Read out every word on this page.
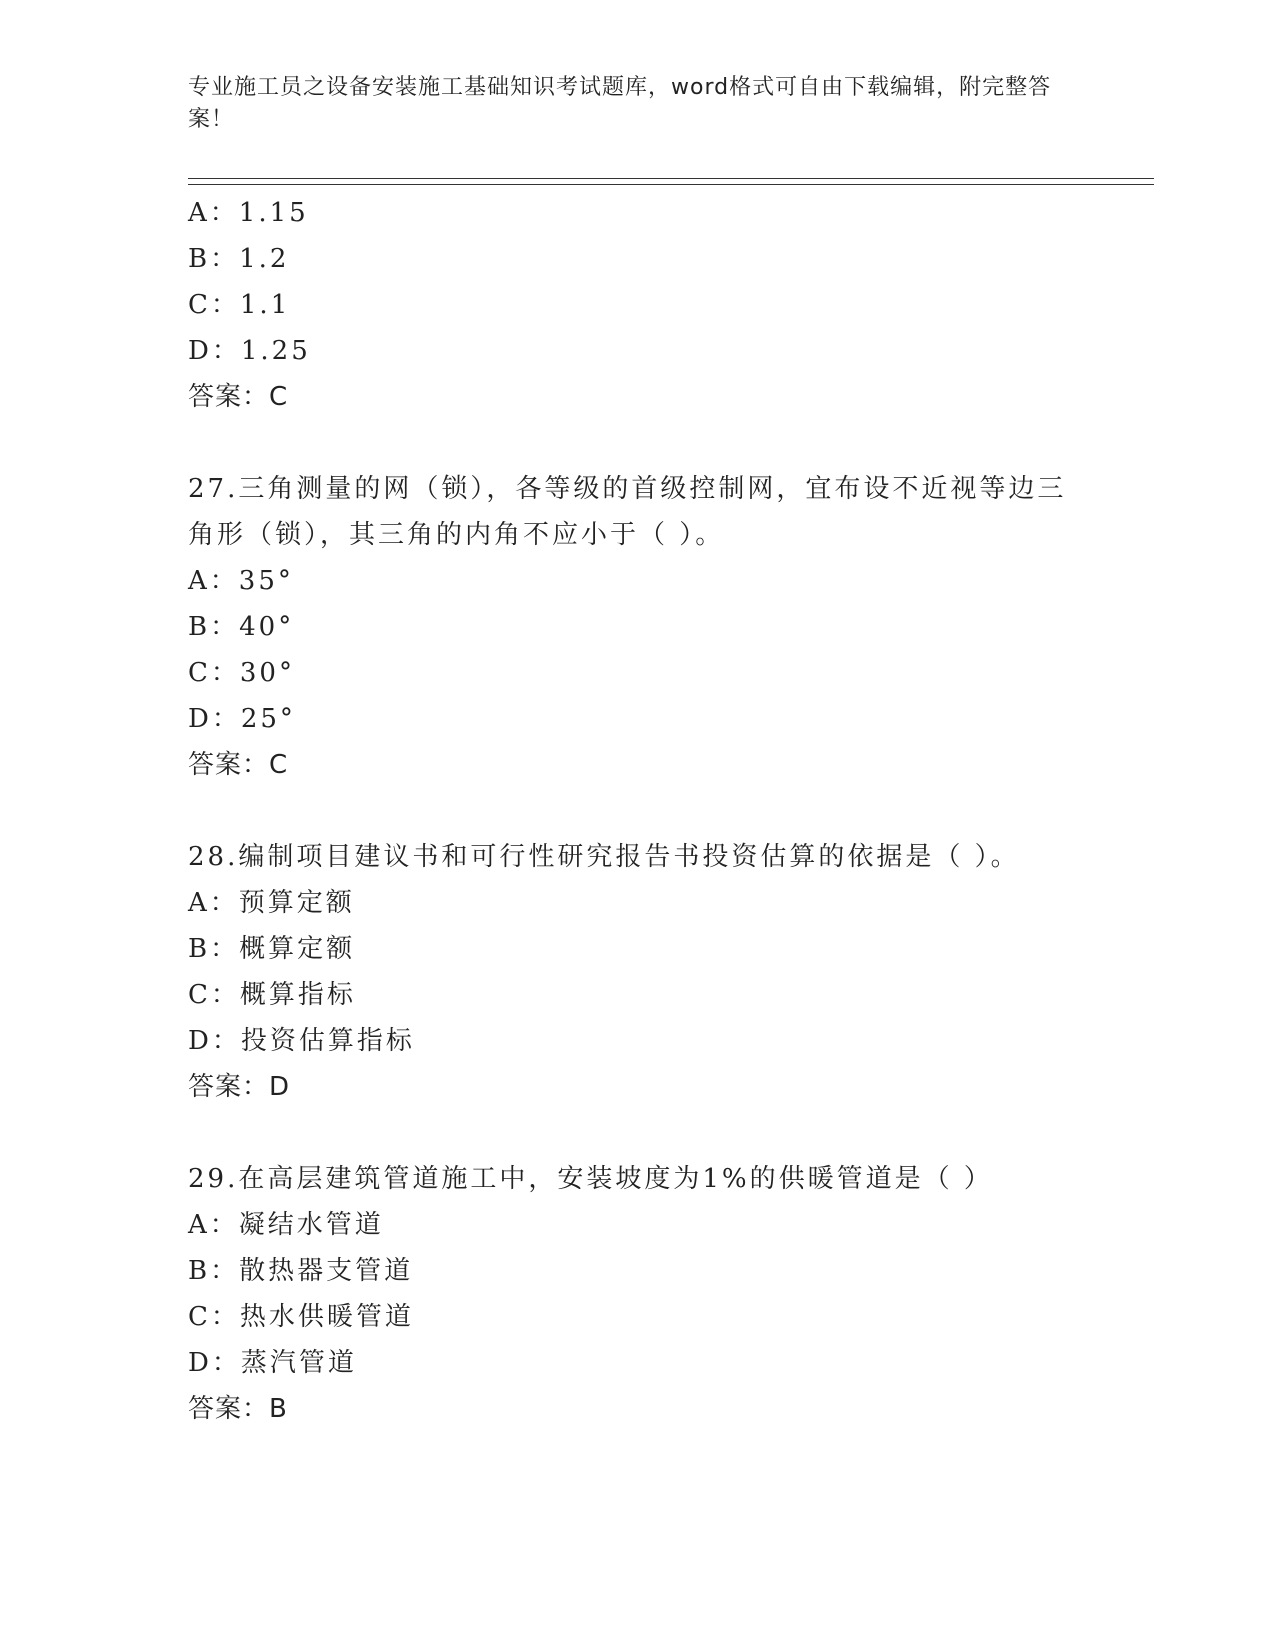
专业施工员之设备安装施工基础知识考试题库，word格式可自由下载编辑，附完整答案！
A：1.15
B：1.2
C：1.1
D：1.25
答案：C
27.三角测量的网（锁），各等级的首级控制网，宜布设不近视等边三
角形（锁），其三角的内角不应小于（ ）。
A：35°
B：40°
C：30°
D：25°
答案：C
28.编制项目建议书和可行性研究报告书投资估算的依据是（ ）。
A：预算定额
B：概算定额
C：概算指标
D：投资估算指标
答案：D
29.在高层建筑管道施工中，安装坡度为1%的供暖管道是（ ）
A：凝结水管道
B：散热器支管道
C：热水供暖管道
D：蒸汽管道
答案：B
